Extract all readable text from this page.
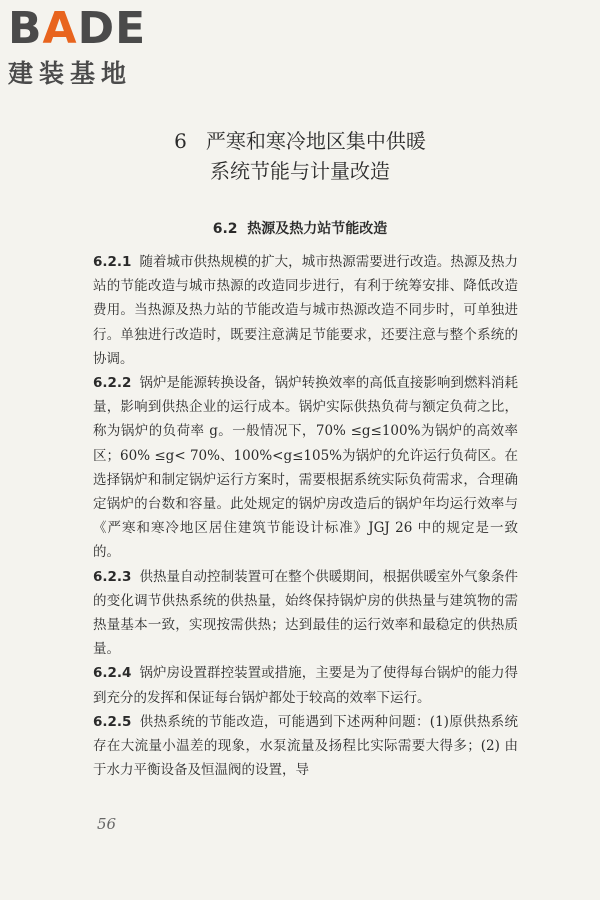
BADE
建装基地
6 严寒和寒冷地区集中供暖
系统节能与计量改造
6.2 热源及热力站节能改造

6.2.1 随着城市供热规模的扩大，城市热源需要进行改造。热源及热力站的节能改造与城市热源的改造同步进行，有利于统筹安排、降低改造费用。当热源及热力站的节能改造与城市热源改造不同步时，可单独进行。单独进行改造时，既要注意满足节能要求，还要注意与整个系统的协调。

6.2.2 锅炉是能源转换设备，锅炉转换效率的高低直接影响到燃料消耗量，影响到供热企业的运行成本。锅炉实际供热负荷与额定负荷之比，称为锅炉的负荷率 g。一般情况下，70% ≤g≤100%为锅炉的高效率区；60% ≤g< 70%、100%<g≤105%为锅炉的允许运行负荷区。在选择锅炉和制定锅炉运行方案时，需要根据系统实际负荷需求，合理确定锅炉的台数和容量。此处规定的锅炉房改造后的锅炉年均运行效率与《严寒和寒冷地区居住建筑节能设计标准》JGJ 26 中的规定是一致的。

6.2.3 供热量自动控制装置可在整个供暖期间，根据供暖室外气象条件的变化调节供热系统的供热量，始终保持锅炉房的供热量与建筑物的需热量基本一致，实现按需供热；达到最佳的运行效率和最稳定的供热质量。

6.2.4 锅炉房设置群控装置或措施，主要是为了使得每台锅炉的能力得到充分的发挥和保证每台锅炉都处于较高的效率下运行。

6.2.5 供热系统的节能改造，可能遇到下述两种问题：(1)原供热系统存在大流量小温差的现象，水泵流量及扬程比实际需要大得多；(2) 由于水力平衡设备及恒温阀的设置，导

56
